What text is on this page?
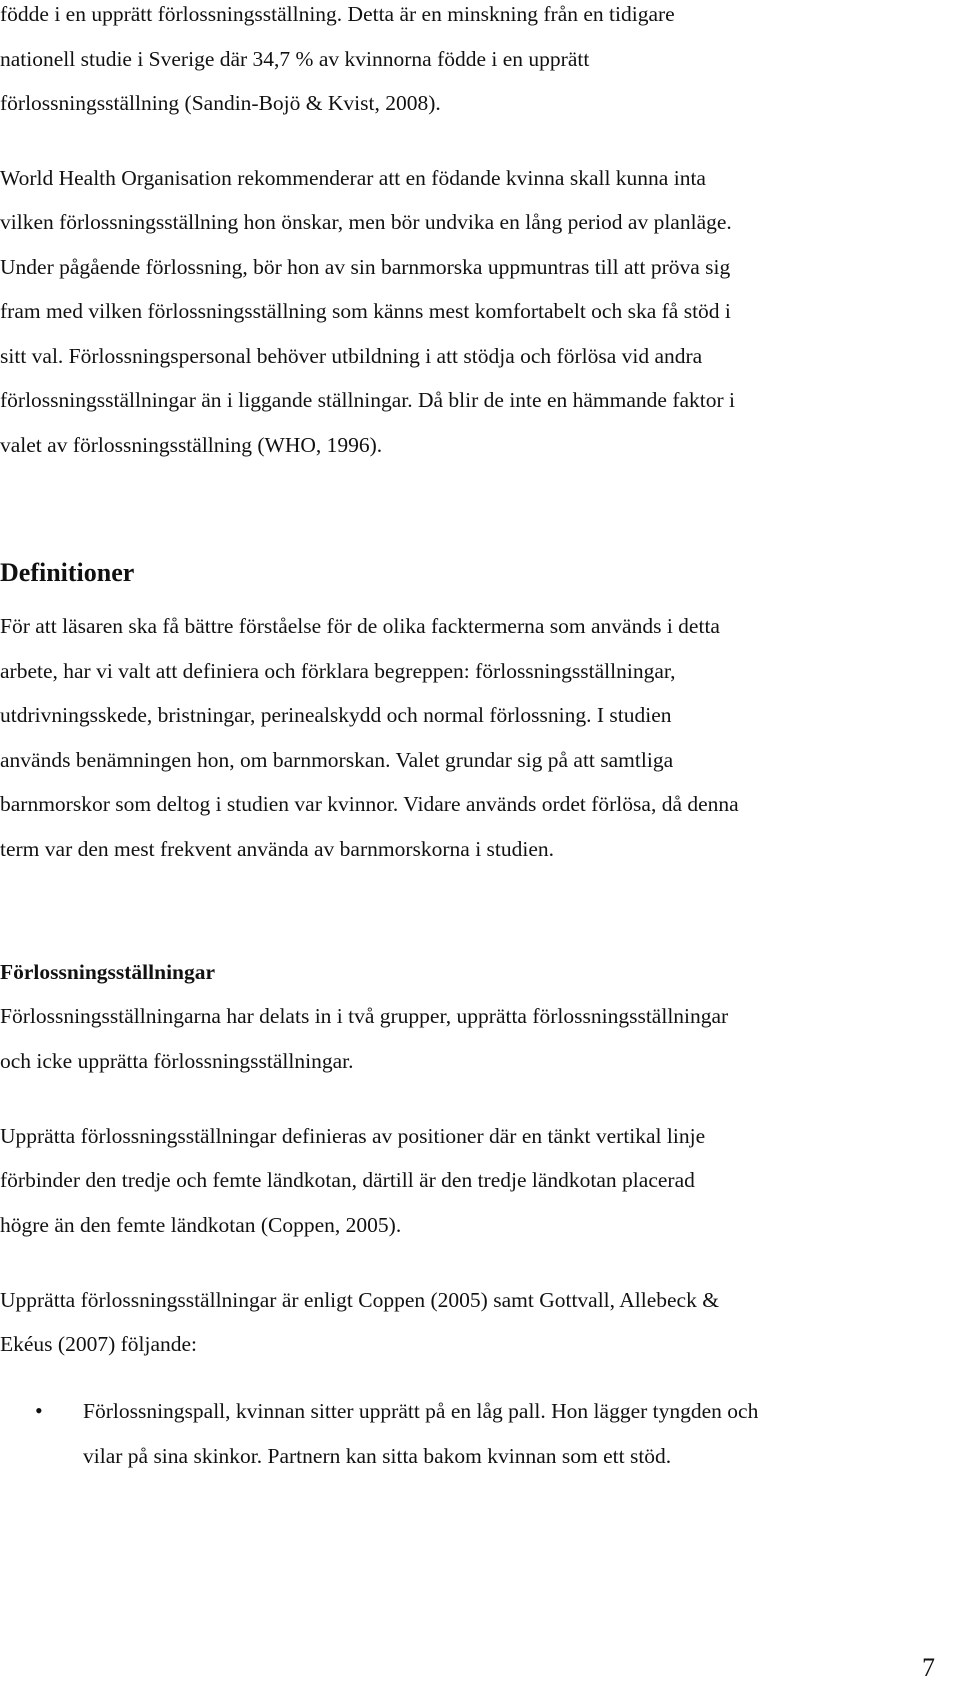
födde i en upprätt förlossningsställning. Detta är en minskning från en tidigare
nationell studie i Sverige där 34,7 % av kvinnorna födde i en upprätt
förlossningsställning (Sandin-Bojö & Kvist, 2008).
World Health Organisation rekommenderar att en födande kvinna skall kunna inta
vilken förlossningsställning hon önskar, men bör undvika en lång period av planläge.
Under pågående förlossning, bör hon av sin barnmorska uppmuntras till att pröva sig
fram med vilken förlossningsställning som känns mest komfortabelt och ska få stöd i
sitt val. Förlossningspersonal behöver utbildning i att stödja och förlösa vid andra
förlossningsställningar än i liggande ställningar. Då blir de inte en hämmande faktor i
valet av förlossningsställning (WHO, 1996).
Definitioner
För att läsaren ska få bättre förståelse för de olika facktermerna som används i detta
arbete, har vi valt att definiera och förklara begreppen: förlossningsställningar,
utdrivningsskede, bristningar, perinealskydd och normal förlossning. I studien
används benämningen hon, om barnmorskan. Valet grundar sig på att samtliga
barnmorskor som deltog i studien var kvinnor. Vidare används ordet förlösa, då denna
term var den mest frekvent använda av barnmorskorna i studien.
Förlossningsställningar
Förlossningsställningarna har delats in i två grupper, upprätta förlossningsställningar
och icke upprätta förlossningsställningar.
Upprätta förlossningsställningar definieras av positioner där en tänkt vertikal linje
förbinder den tredje och femte ländkotan, därtill är den tredje ländkotan placerad
högre än den femte ländkotan (Coppen, 2005).
Upprätta förlossningsställningar är enligt Coppen (2005) samt Gottvall, Allebeck &
Ekéus (2007) följande:
• Förlossningspall, kvinnan sitter upprätt på en låg pall. Hon lägger tyngden och
vilar på sina skinkor. Partnern kan sitta bakom kvinnan som ett stöd.
7
